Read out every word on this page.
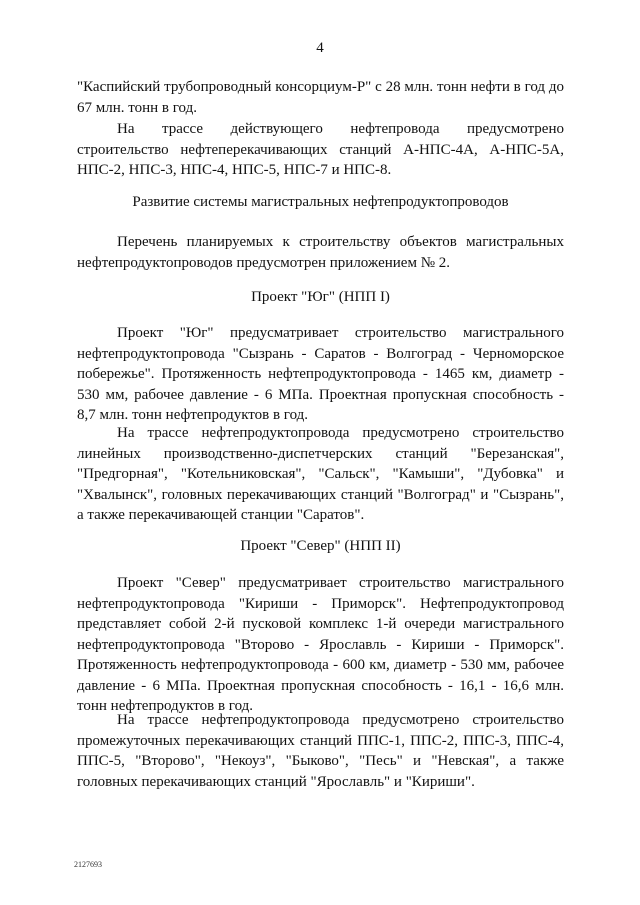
4

"Каспийский трубопроводный консорциум-Р" с 28 млн. тонн нефти в год до 67 млн. тонн в год.

На трассе действующего нефтепровода предусмотрено строительство нефтеперекачивающих станций А-НПС-4А, А-НПС-5А, НПС-2, НПС-3, НПС-4, НПС-5, НПС-7 и НПС-8.

Развитие системы магистральных нефтепродуктопроводов

Перечень планируемых к строительству объектов магистральных нефтепродуктопроводов предусмотрен приложением № 2.

Проект "Юг" (НПП I)

Проект "Юг" предусматривает строительство магистрального нефтепродуктопровода "Сызрань - Саратов - Волгоград - Черноморское побережье". Протяженность нефтепродуктопровода - 1465 км, диаметр - 530 мм, рабочее давление - 6 МПа. Проектная пропускная способность - 8,7 млн. тонн нефтепродуктов в год.

На трассе нефтепродуктопровода предусмотрено строительство линейных производственно-диспетчерских станций "Березанская", "Предгорная", "Котельниковская", "Сальск", "Камыши", "Дубовка" и "Хвалынск", головных перекачивающих станций "Волгоград" и "Сызрань", а также перекачивающей станции "Саратов".

Проект "Север" (НПП II)

Проект "Север" предусматривает строительство магистрального нефтепродуктопровода "Кириши - Приморск". Нефтепродуктопровод представляет собой 2-й пусковой комплекс 1-й очереди магистрального нефтепродуктопровода "Второво - Ярославль - Кириши - Приморск". Протяженность нефтепродуктопровода - 600 км, диаметр - 530 мм, рабочее давление - 6 МПа. Проектная пропускная способность - 16,1 - 16,6 млн. тонн нефтепродуктов в год.

На трассе нефтепродуктопровода предусмотрено строительство промежуточных перекачивающих станций ППС-1, ППС-2, ППС-3, ППС-4, ППС-5, "Второво", "Некоуз", "Быково", "Песь" и "Невская", а также головных перекачивающих станций "Ярославль" и "Кириши".

2127693
